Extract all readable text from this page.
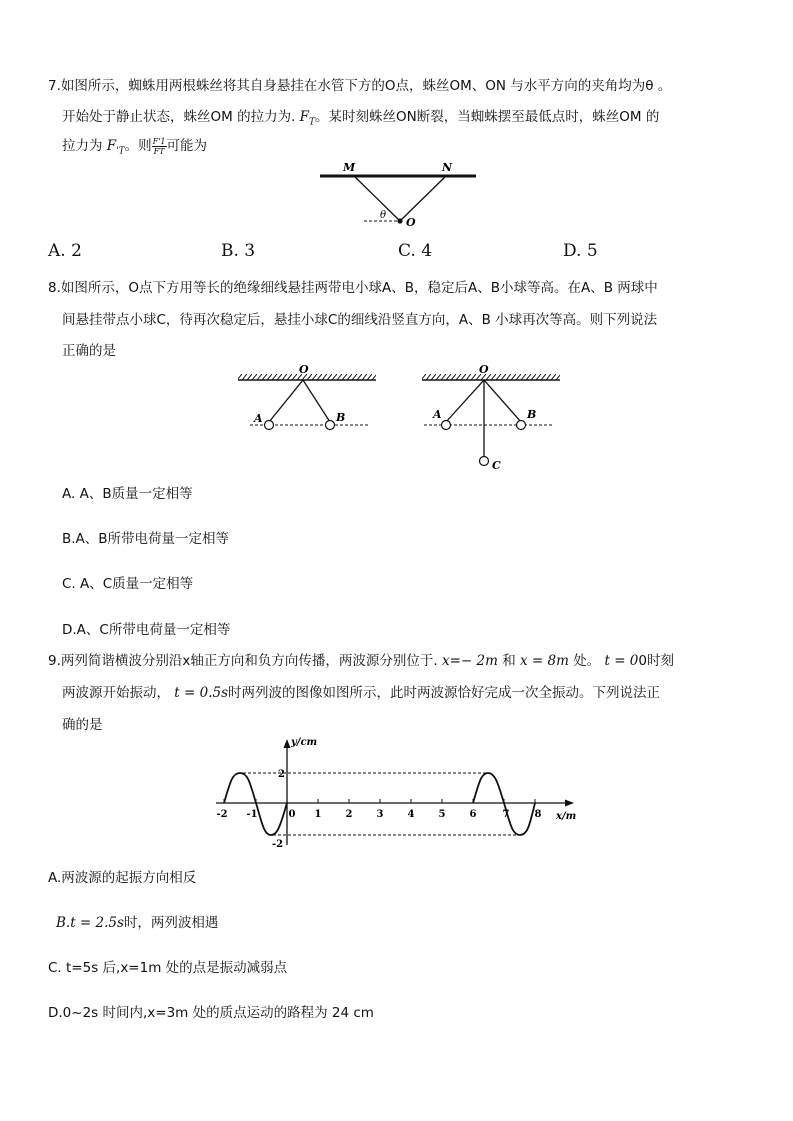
7.如图所示，蜘蛛用两根蛛丝将其自身悬挂在水管下方的O点，蛛丝OM、ON 与水平方向的夹角均为θ 。
开始处于静止状态，蛛丝OM 的拉力为. $F_T$。某时刻蛛丝ON断裂，当蜘蛛摆至最低点时，蛛丝OM 的
拉力为 $F_{'T}$。则 $\frac{F'1}{FT}$ 可能为
M	N
O
θ
A. 2	B. 3	C. 4	D. 5
8.如图所示，O点下方用等长的绝缘细线悬挂两带电小球A、B，稳定后A、B小球等高。在A、B 两球中
间悬挂带点小球C，待再次稳定后，悬挂小球C的细线沿竖直方向，A、B 小球再次等高。则下列说法
正确的是
O
A	B
O
A	B
C
A. A、B质量一定相等
B.A、B所带电荷量一定相等
C. A、C质量一定相等
D.A、C所带电荷量一定相等
9.两列简谐横波分别沿x轴正方向和负方向传播，两波源分别位于. x=− 2m 和 x = 8m 处。 t = 00时刻
两波源开始振动， t = 0.5s时两列波的图像如图所示，此时两波源恰好完成一次全振动。下列说法正
确的是
y/cm
x/m
2
-2
-2 -1	0 1 2 3 4 5 6	7	8
A.两波源的起振方向相反
B.t = 2.5s时，两列波相遇
C. t=5s 后,x=1m 处的点是振动减弱点
D.0~2s 时间内,x=3m 处的质点运动的路程为 24 cm
